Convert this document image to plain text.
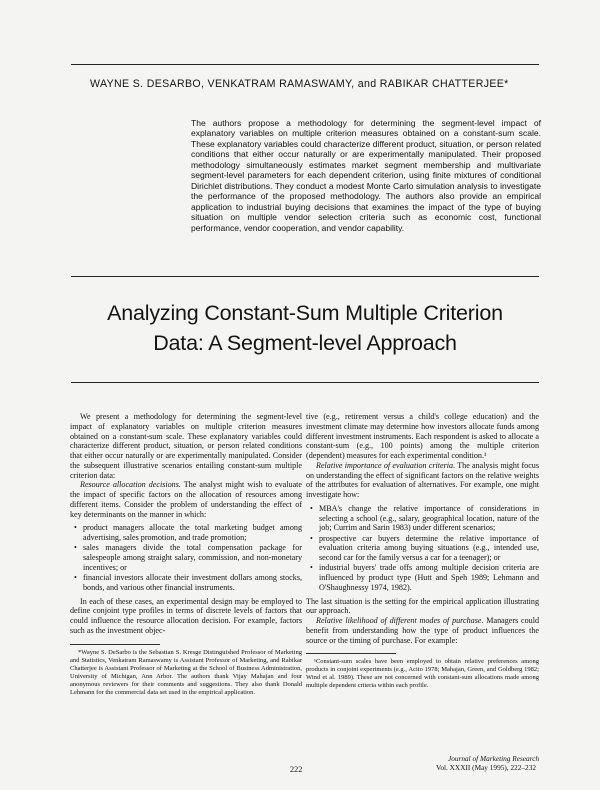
WAYNE S. DESARBO, VENKATRAM RAMASWAMY, and RABIKAR CHATTERJEE*

The authors propose a methodology for determining the segment-level impact of explanatory variables on multiple criterion measures obtained on a constant-sum scale. These explanatory variables could characterize different product, situation, or person related conditions that either occur naturally or are experimentally manipulated. Their proposed methodology simultaneously estimates market segment membership and multivariate segment-level parameters for each dependent criterion, using finite mixtures of conditional Dirichlet distributions. They conduct a modest Monte Carlo simulation analysis to investigate the performance of the proposed methodology. The authors also provide an empirical application to industrial buying decisions that examines the impact of the type of buying situation on multiple vendor selection criteria such as economic cost, functional performance, vendor cooperation, and vendor capability.

Analyzing Constant-Sum Multiple Criterion
Data: A Segment-level Approach

We present a methodology for determining the segment-level impact of explanatory variables on multiple criterion measures obtained on a constant-sum scale. These explanatory variables could characterize different product, situation, or person related conditions that either occur naturally or are experimentally manipulated. Consider the subsequent illustrative scenarios entailing constant-sum multiple criterion data:

Resource allocation decisions. The analyst might wish to evaluate the impact of specific factors on the allocation of resources among different items. Consider the problem of understanding the effect of key determinants on the manner in which:

• product managers allocate the total marketing budget among advertising, sales promotion, and trade promotion;
• sales managers divide the total compensation package for salespeople among straight salary, commission, and non-monetary incentives; or
• financial investors allocate their investment dollars among stocks, bonds, and various other financial instruments.

In each of these cases, an experimental design may be employed to define conjoint type profiles in terms of discrete levels of factors that could influence the resource allocation decision. For example, factors such as the investment objec-

*Wayne S. DeSarbo is the Sebastian S. Kresge Distinguished Professor of Marketing and Statistics, Venkatram Ramaswamy is Assistant Professor of Marketing, and Rabikar Chatterjee is Assistant Professor of Marketing at the School of Business Administration, University of Michigan, Ann Arbor. The authors thank Vijay Mahajan and four anonymous reviewers for their comments and suggestions. They also thank Donald Lehmann for the commercial data set used in the empirical application.

tive (e.g., retirement versus a child's college education) and the investment climate may determine how investors allocate funds among different investment instruments. Each respondent is asked to allocate a constant-sum (e.g., 100 points) among the multiple criterion (dependent) measures for each experimental condition.¹

Relative importance of evaluation criteria. The analysis might focus on understanding the effect of significant factors on the relative weights of the attributes for evaluation of alternatives. For example, one might investigate how:

• MBA's change the relative importance of considerations in selecting a school (e.g., salary, geographical location, nature of the job; Currim and Sarin 1983) under different scenarios;
• prospective car buyers determine the relative importance of evaluation criteria among buying situations (e.g., intended use, second car for the family versus a car for a teenager); or
• industrial buyers' trade offs among multiple decision criteria are influenced by product type (Hutt and Speh 1989; Lehmann and O'Shaughnessy 1974, 1982).

The last situation is the setting for the empirical application illustrating our approach.

Relative likelihood of different modes of purchase. Managers could benefit from understanding how the type of product influences the source or the timing of purchase. For example:

¹Constant-sum scales have been employed to obtain relative preferences among products in conjoint experiments (e.g., Acito 1978; Mahajan, Green, and Goldberg 1982; Wind et al. 1989). These are not concerned with constant-sum allocations made among multiple dependent criteria within each profile.

Journal of Marketing Research
Vol. XXXII (May 1995), 222–232
222
